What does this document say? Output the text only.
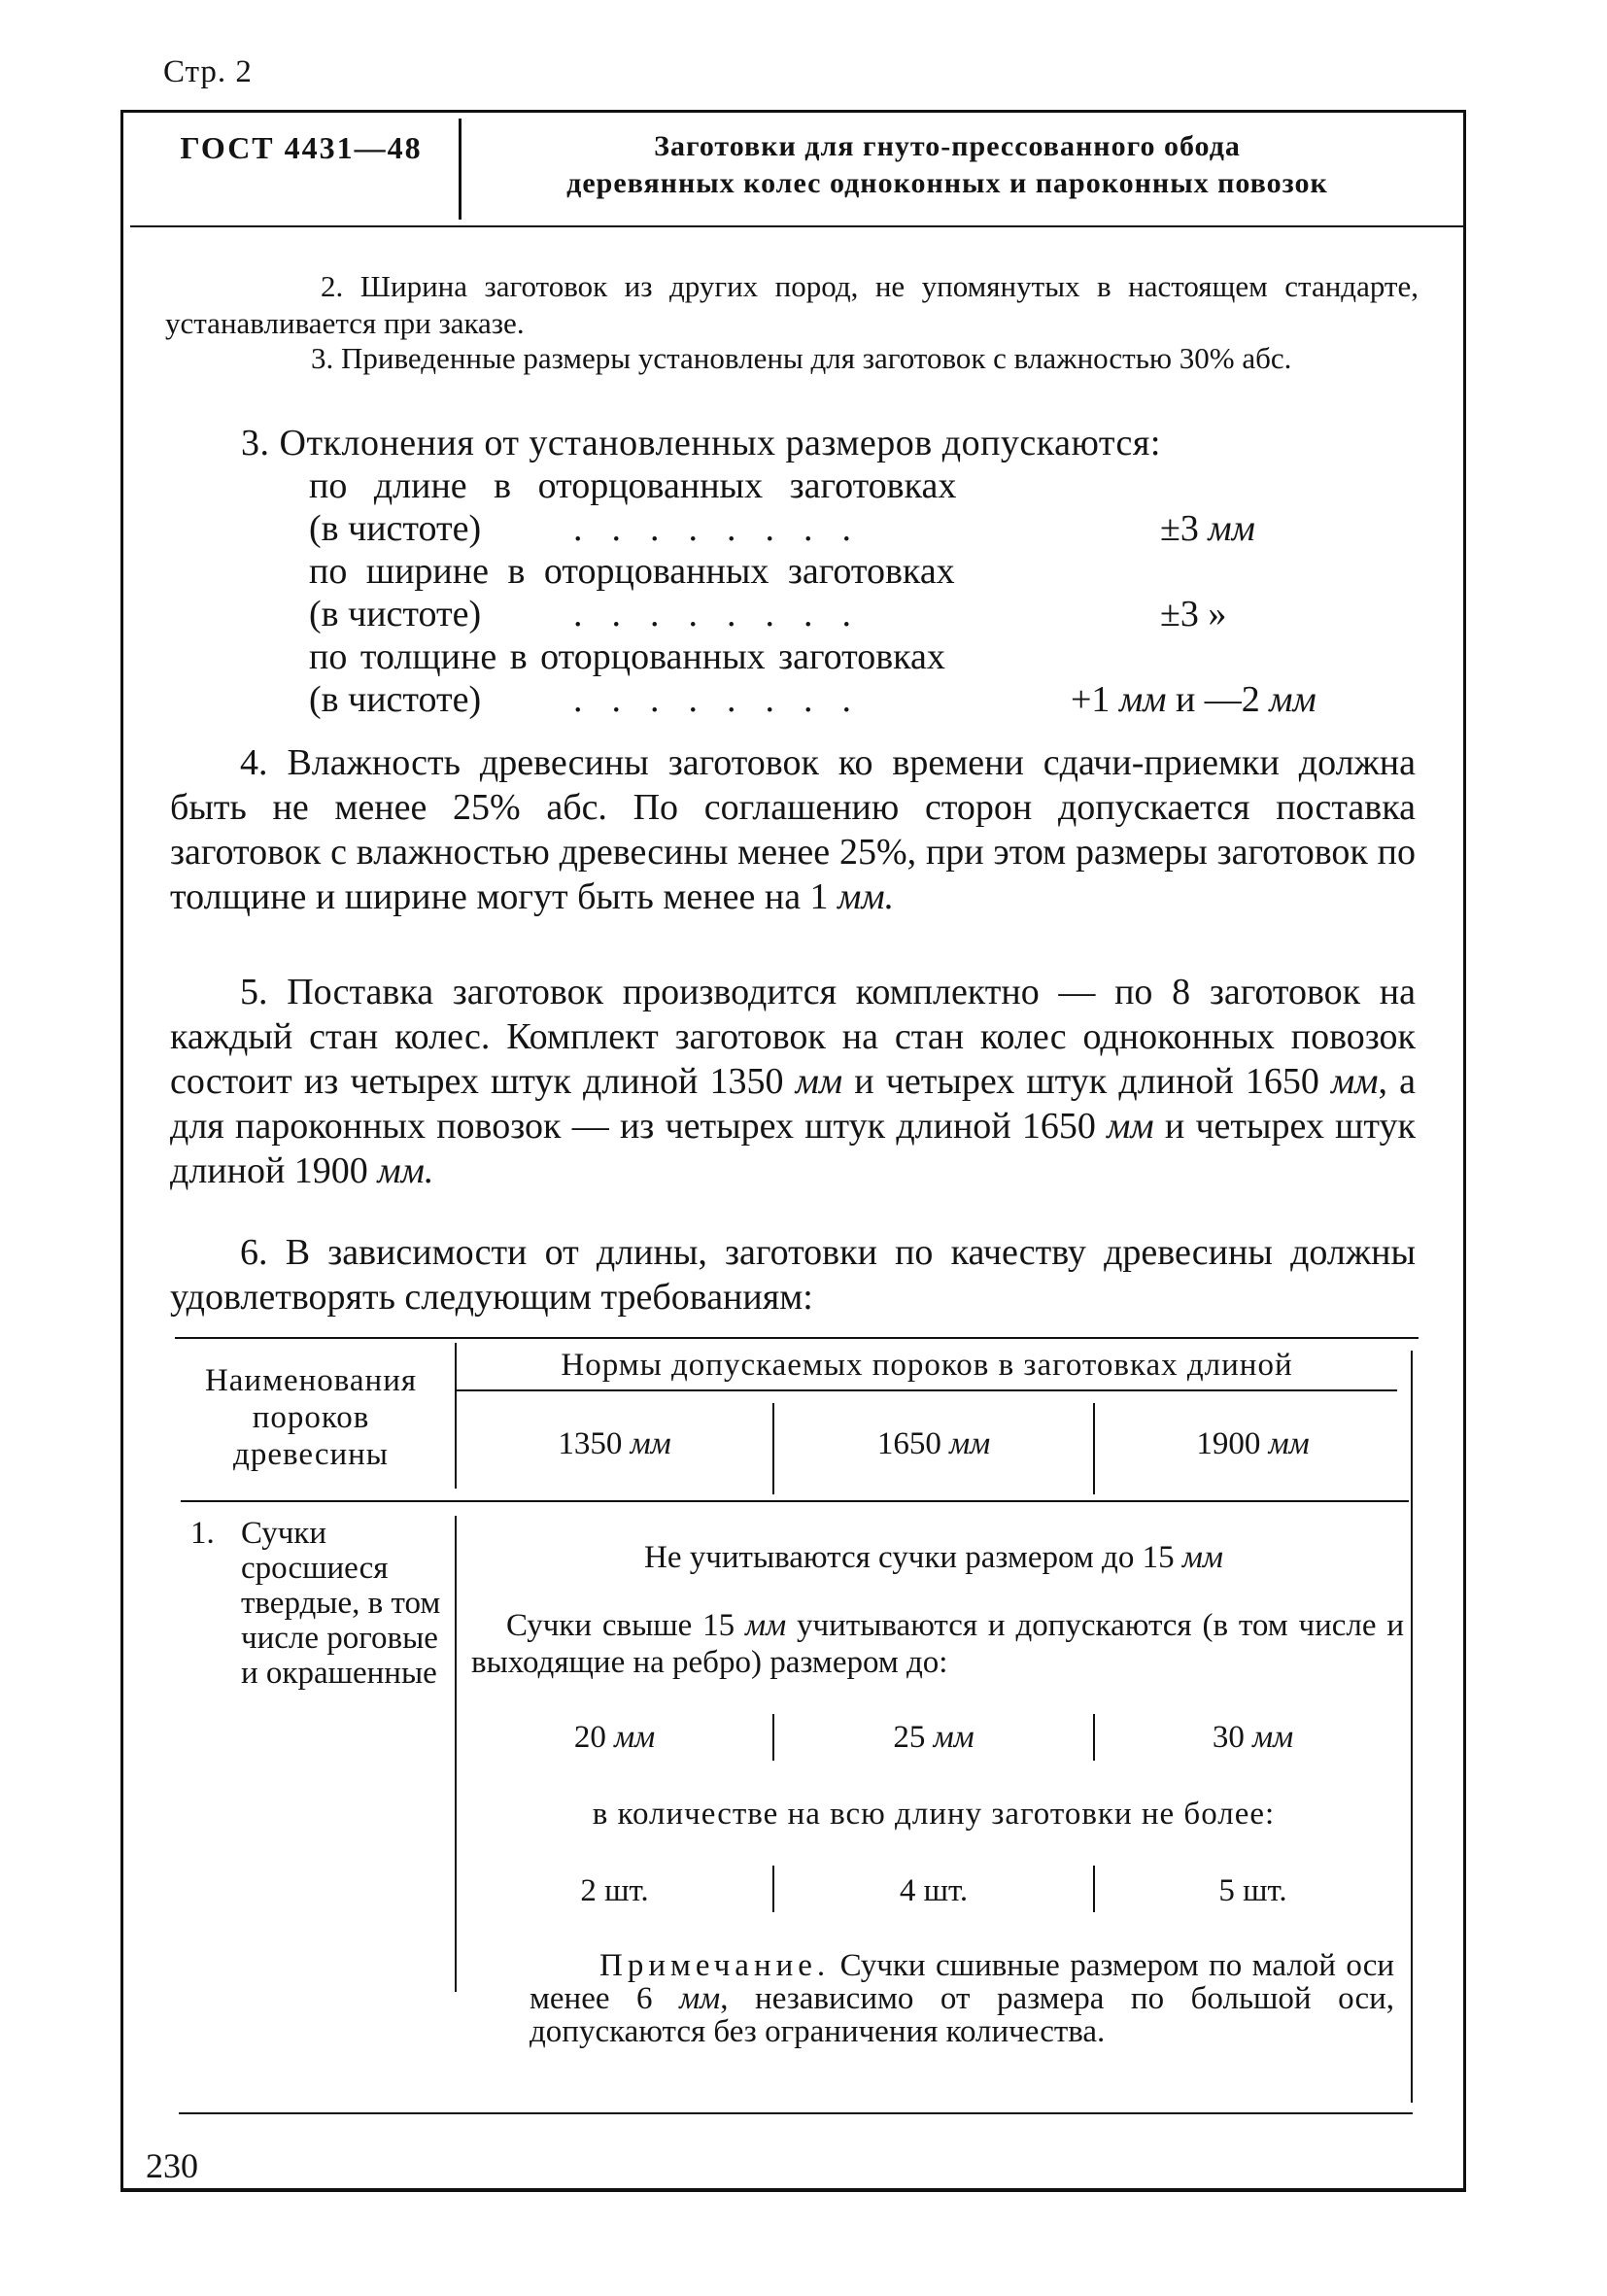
Стр. 2
230
ГОСТ 4431—48	Заготовки для гнуто-прессованного обода
деревянных колес одноконных и пароконных повозок
2. Ширина заготовок из других пород, не упомянутых в настоящем стандарте, устанавливается при заказе.
3. Приведенные размеры установлены для заготовок с влажностью 30% абс.
3. Отклонения от установленных размеров допускаются:
по длине в оторцованных заготовках
(в чистоте) ........	±3 мм
по ширине в оторцованных заготовках
(в чистоте) ........	±3 »
по толщине в оторцованных заготовках
(в чистоте) ........	+1 мм и —2 мм
4. Влажность древесины заготовок ко времени сдачи-приемки должна быть не менее 25% абс. По соглашению сторон допускается поставка заготовок с влажностью древесины менее 25%, при этом размеры заготовок по толщине и ширине могут быть менее на 1 мм.
5. Поставка заготовок производится комплектно — по 8 заготовок на каждый стан колес. Комплект заготовок на стан колес одноконных повозок состоит из четырех штук длиной 1350 мм и четырех штук длиной 1650 мм, а для пароконных повозок — из четырех штук длиной 1650 мм и четырех штук длиной 1900 мм.
6. В зависимости от длины, заготовки по качеству древесины должны удовлетворять следующим требованиям:
Наименования пороков древесины
Нормы допускаемых пороков в заготовках длиной
1350 мм	1650 мм	1900 мм
1. Сучки сросшиеся твердые, в том числе роговые и окрашенные
Не учитываются сучки размером до 15 мм
Сучки свыше 15 мм учитываются и допускаются (в том числе и выходящие на ребро) размером до:
20 мм	25 мм	30 мм
в количестве на всю длину заготовки не более:
2 шт.	4 шт.	5 шт.
Примечание. Сучки сшивные размером по малой оси менее 6 мм, независимо от размера по большой оси, допускаются без ограничения количества.
